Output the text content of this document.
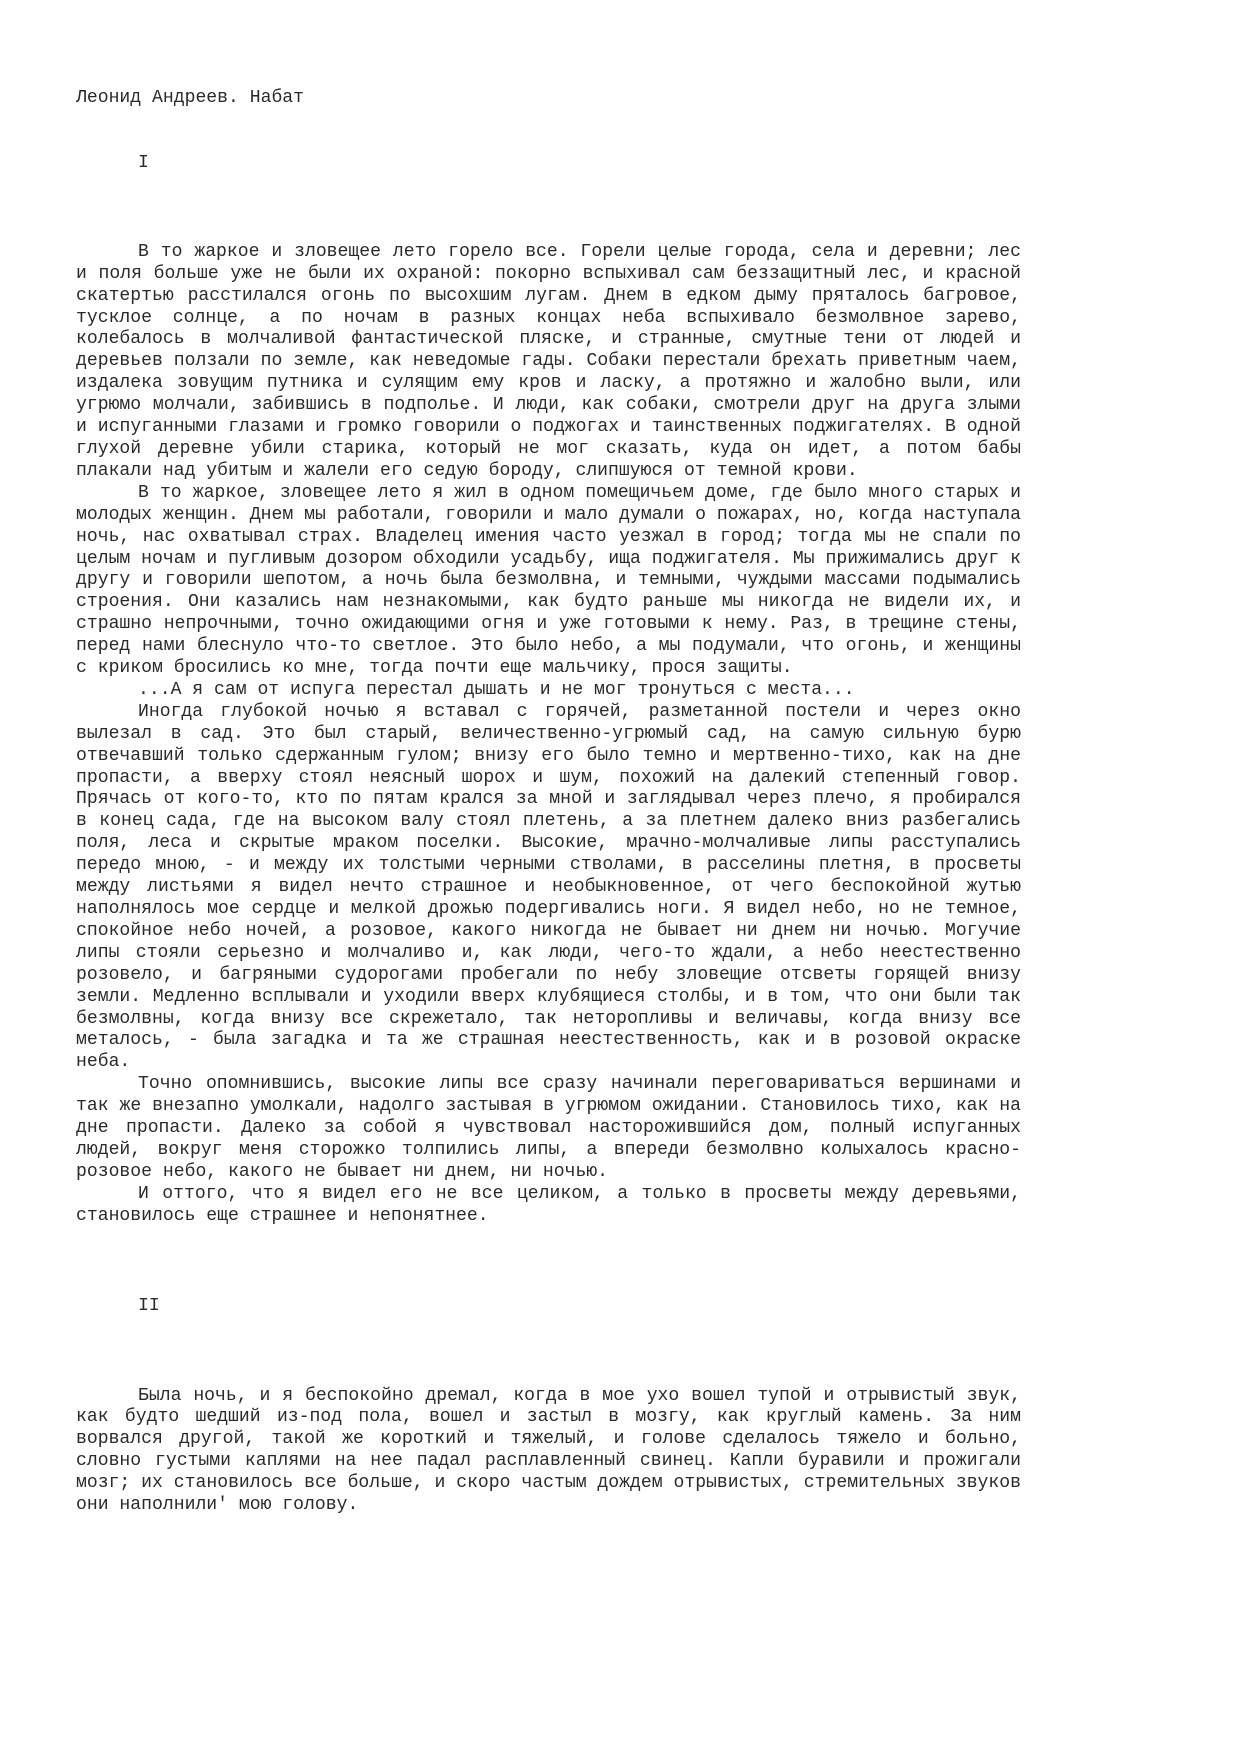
Леонид Андреев. Набат
I

В то жаркое и зловещее лето горело все. Горели целые города, села и деревни; лес и поля больше уже не были их охраной: покорно вспыхивал сам беззащитный лес, и красной скатертью расстилался огонь по высохшим лугам. Днем в едком дыму пряталось багровое, тусклое солнце, а по ночам в разных концах неба вспыхивало безмолвное зарево, колебалось в молчаливой фантастической пляске, и странные, смутные тени от людей и деревьев ползали по земле, как неведомые гады. Собаки перестали брехать приветным чаем, издалека зовущим путника и сулящим ему кров и ласку, а протяжно и жалобно выли, или угрюмо молчали, забившись в подполье. И люди, как собаки, смотрели друг на друга злыми и испуганными глазами и громко говорили о поджогах и таинственных поджигателях. В одной глухой деревне убили старика, который не мог сказать, куда он идет, а потом бабы плакали над убитым и жалели его седую бороду, слипшуюся от темной крови.

В то жаркое, зловещее лето я жил в одном помещичьем доме, где было много старых и молодых женщин. Днем мы работали, говорили и мало думали о пожарах, но, когда наступала ночь, нас охватывал страх. Владелец имения часто уезжал в город; тогда мы не спали по целым ночам и пугливым дозором обходили усадьбу, ища поджигателя. Мы прижимались друг к другу и говорили шепотом, а ночь была безмолвна, и темными, чуждыми массами подымались строения. Они казались нам незнакомыми, как будто раньше мы никогда не видели их, и страшно непрочными, точно ожидающими огня и уже готовыми к нему. Раз, в трещине стены, перед нами блеснуло что-то светлое. Это было небо, а мы подумали, что огонь, и женщины с криком бросились ко мне, тогда почти еще мальчику, прося защиты.

...А я сам от испуга перестал дышать и не мог тронуться с места...

Иногда глубокой ночью я вставал с горячей, разметанной постели и через окно вылезал в сад. Это был старый, величественно-угрюмый сад, на самую сильную бурю отвечавший только сдержанным гулом; внизу его было темно и мертвенно-тихо, как на дне пропасти, а вверху стоял неясный шорох и шум, похожий на далекий степенный говор. Прячась от кого-то, кто по пятам крался за мной и заглядывал через плечо, я пробирался в конец сада, где на высоком валу стоял плетень, а за плетнем далеко вниз разбегались поля, леса и скрытые мраком поселки. Высокие, мрачно-молчаливые липы расступались передо мною, - и между их толстыми черными стволами, в расселины плетня, в просветы между листьями я видел нечто страшное и необыкновенное, от чего беспокойной жутью наполнялось мое сердце и мелкой дрожью подергивались ноги. Я видел небо, но не темное, спокойное небо ночей, а розовое, какого никогда не бывает ни днем ни ночью. Могучие липы стояли серьезно и молчаливо и, как люди, чего-то ждали, а небо неестественно розовело, и багряными судорогами пробегали по небу зловещие отсветы горящей внизу земли. Медленно всплывали и уходили вверх клубящиеся столбы, и в том, что они были так безмолвны, когда внизу все скрежетало, так неторопливы и величавы, когда внизу все металось, - была загадка и та же страшная неестественность, как и в розовой окраске неба.

Точно опомнившись, высокие липы все сразу начинали переговариваться вершинами и так же внезапно умолкали, надолго застывая в угрюмом ожидании. Становилось тихо, как на дне пропасти. Далеко за собой я чувствовал насторожившийся дом, полный испуганных людей, вокруг меня сторожко толпились липы, а впереди безмолвно колыхалось красно-розовое небо, какого не бывает ни днем, ни ночью.

И оттого, что я видел его не все целиком, а только в просветы между деревьями, становилось еще страшнее и непонятнее.

II

Была ночь, и я беспокойно дремал, когда в мое ухо вошел тупой и отрывистый звук, как будто шедший из-под пола, вошел и застыл в мозгу, как круглый камень. За ним ворвался другой, такой же короткий и тяжелый, и голове сделалось тяжело и больно, словно густыми каплями на нее падал расплавленный свинец. Капли буравили и прожигали мозг; их становилось все больше, и скоро частым дождем отрывистых, стремительных звуков они наполнили' мою голову.
